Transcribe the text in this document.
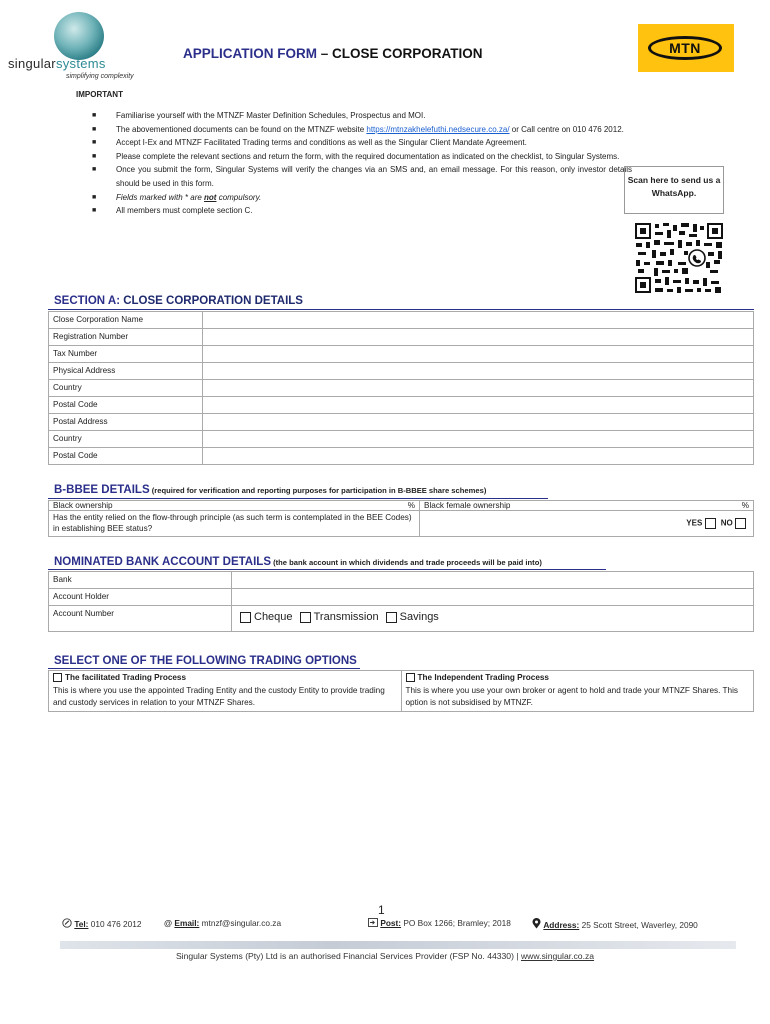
singularsystems
simplifying complexity
APPLICATION FORM – CLOSE CORPORATION	MTN
IMPORTANT
■ Familiarise yourself with the MTNZF Master Definition Schedules, Prospectus and MOI.
■ The abovementioned documents can be found on the MTNZF website https://mtnzakhelefuthi.nedsecure.co.za/ or Call centre on 010 476 2012.
■ Accept I-Ex and MTNZF Facilitated Trading terms and conditions as well as the Singular Client Mandate Agreement.
■ Please complete the relevant sections and return the form, with the required documentation as indicated on the checklist, to Singular Systems.
■ Once you submit the form, Singular Systems will verify the changes via an SMS and, an email message. For this reason, only investor details should be used in this form.
■ Fields marked with * are not compulsory.
■ All members must complete section C.
Scan here to send us a WhatsApp.
SECTION A: CLOSE CORPORATION DETAILS
Close Corporation Name	
Registration Number	
Tax Number	
Physical Address	
Country	
Postal Code	
Postal Address	
Country	
Postal Code	
B-BBEE DETAILS (required for verification and reporting purposes for participation in B-BBEE share schemes)
Black ownership	%	Black female ownership	%
Has the entity relied on the flow-through principle (as such term is contemplated in the BEE Codes) in establishing BEE status?		YES NO	
NOMINATED BANK ACCOUNT DETAILS (the bank account in which dividends and trade proceeds will be paid into)
Bank	
Account Holder	
Account Number	Cheque Transmission Savings
SELECT ONE OF THE FOLLOWING TRADING OPTIONS
The facilitated Trading Process
This is where you use the appointed Trading Entity and the custody Entity to provide trading and custody services in relation to your MTNZF Shares.

The Independent Trading Process
This is where you use your own broker or agent to hold and trade your MTNZF Shares. This option is not subsidised by MTNZF.
1
Tel: 010 476 2012	@ Email: mtnzf@singular.co.za	Post: PO Box 1266; Bramley; 2018	Address: 25 Scott Street, Waverley, 2090
Singular Systems (Pty) Ltd is an authorised Financial Services Provider (FSP No. 44330) | www.singular.co.za
